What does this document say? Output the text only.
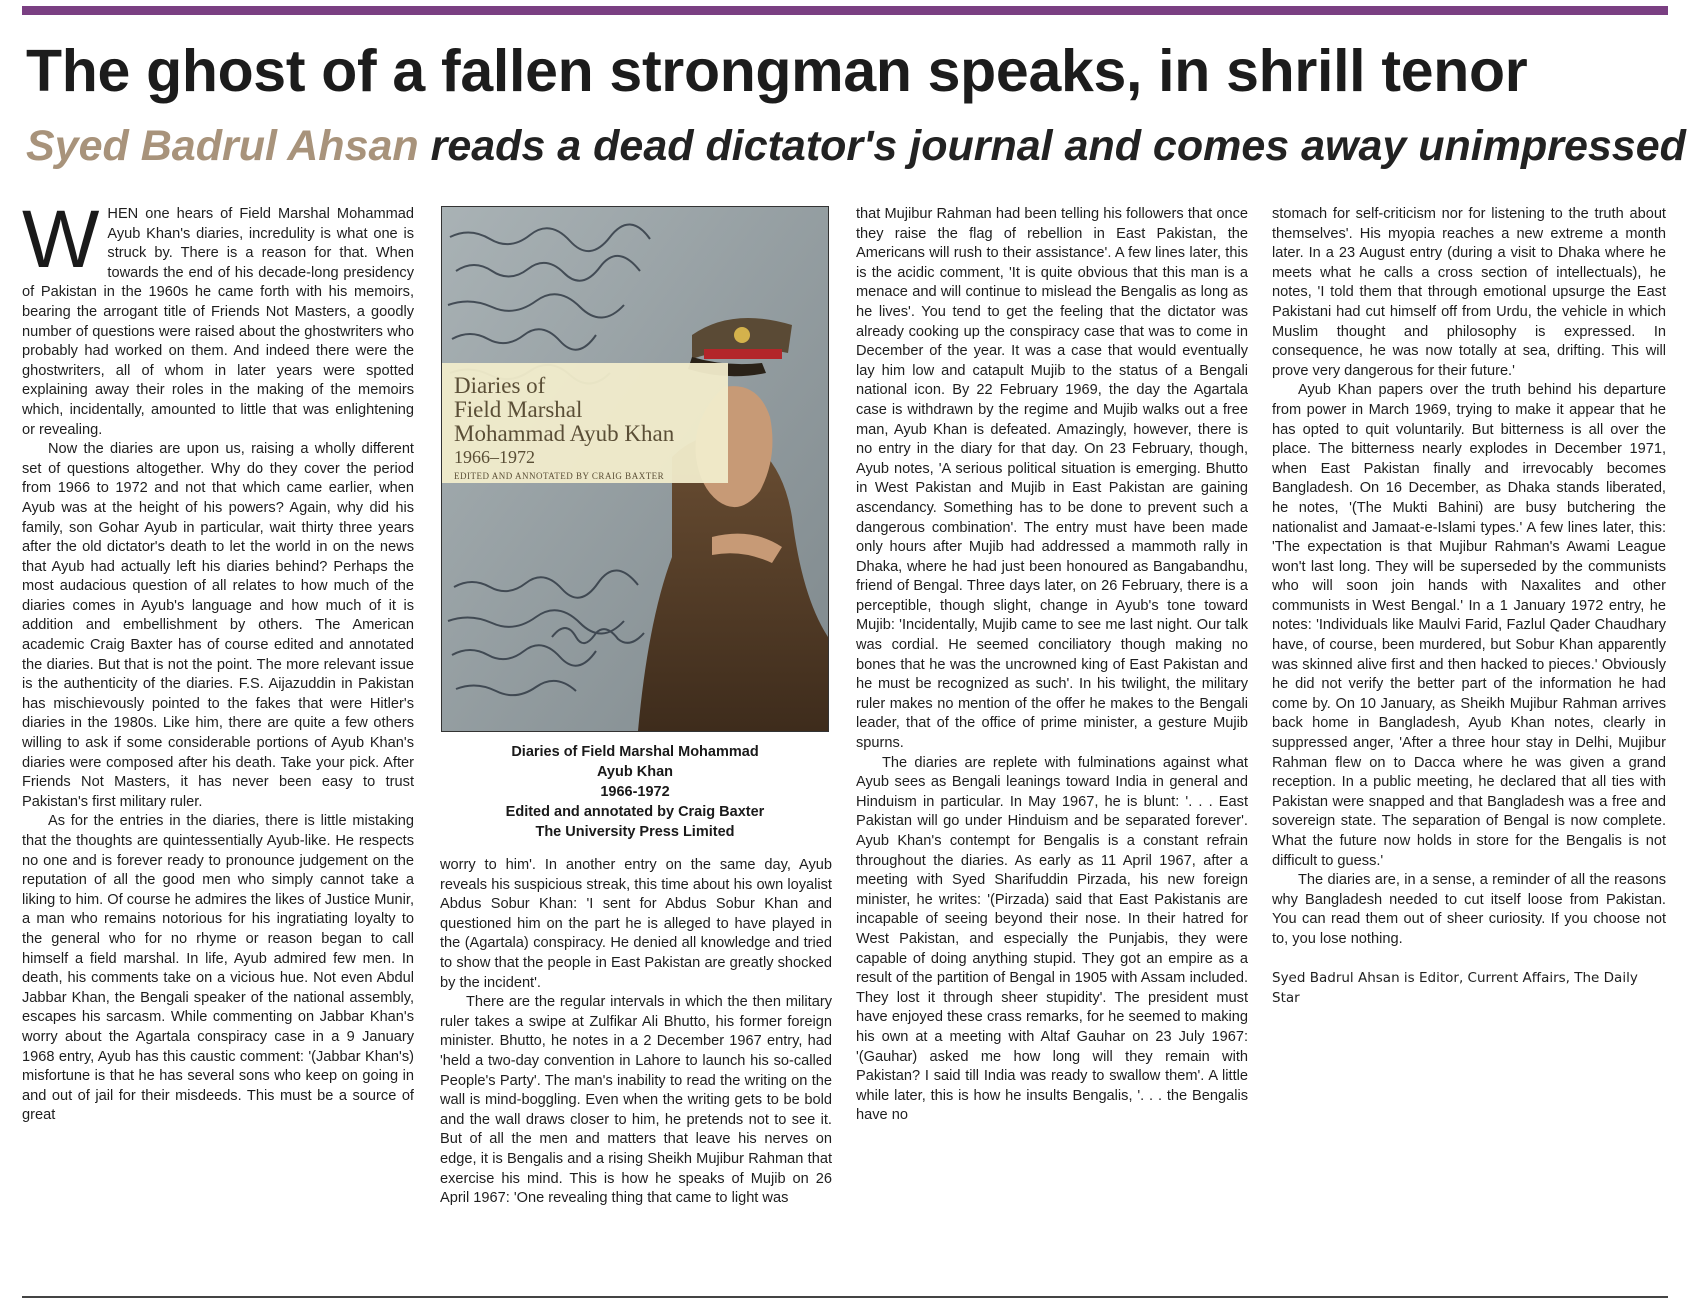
The ghost of a fallen strongman speaks, in shrill tenor
Syed Badrul Ahsan reads a dead dictator's journal and comes away unimpressed

WHEN one hears of Field Marshal Mohammad Ayub Khan's diaries, incredulity is what one is struck by. There is a reason for that. When towards the end of his decade-long presidency of Pakistan in the 1960s he came forth with his memoirs, bearing the arrogant title of Friends Not Masters, a goodly number of questions were raised about the ghostwriters who probably had worked on them. And indeed there were the ghostwriters, all of whom in later years were spotted explaining away their roles in the making of the memoirs which, incidentally, amounted to little that was enlightening or revealing.

Now the diaries are upon us, raising a wholly different set of questions altogether. Why do they cover the period from 1966 to 1972 and not that which came earlier, when Ayub was at the height of his powers? Again, why did his family, son Gohar Ayub in particular, wait thirty three years after the old dictator's death to let the world in on the news that Ayub had actually left his diaries behind? Perhaps the most audacious question of all relates to how much of the diaries comes in Ayub's language and how much of it is addition and embellishment by others. The American academic Craig Baxter has of course edited and annotated the diaries. But that is not the point. The more relevant issue is the authenticity of the diaries. F.S. Aijazuddin in Pakistan has mischievously pointed to the fakes that were Hitler's diaries in the 1980s. Like him, there are quite a few others willing to ask if some considerable portions of Ayub Khan's diaries were composed after his death. Take your pick. After Friends Not Masters, it has never been easy to trust Pakistan's first military ruler.

As for the entries in the diaries, there is little mistaking that the thoughts are quintessentially Ayub-like. He respects no one and is forever ready to pronounce judgement on the reputation of all the good men who simply cannot take a liking to him. Of course he admires the likes of Justice Munir, a man who remains notorious for his ingratiating loyalty to the general who for no rhyme or reason began to call himself a field marshal. In life, Ayub admired few men. In death, his comments take on a vicious hue. Not even Abdul Jabbar Khan, the Bengali speaker of the national assembly, escapes his sarcasm. While commenting on Jabbar Khan's worry about the Agartala conspiracy case in a 9 January 1968 entry, Ayub has this caustic comment: '(Jabbar Khan's) misfortune is that he has several sons who keep on going in and out of jail for their misdeeds. This must be a source of great

Diaries of
Field Marshal
Mohammad Ayub Khan
1966–1972
EDITED AND ANNOTATED BY CRAIG BAXTER
Diaries of Field Marshal Mohammad
Ayub Khan
1966-1972
Edited and annotated by Craig Baxter
The University Press Limited

worry to him'. In another entry on the same day, Ayub reveals his suspicious streak, this time about his own loyalist Abdus Sobur Khan: 'I sent for Abdus Sobur Khan and questioned him on the part he is alleged to have played in the (Agartala) conspiracy. He denied all knowledge and tried to show that the people in East Pakistan are greatly shocked by the incident'.

There are the regular intervals in which the then military ruler takes a swipe at Zulfikar Ali Bhutto, his former foreign minister. Bhutto, he notes in a 2 December 1967 entry, had 'held a two-day convention in Lahore to launch his so-called People's Party'. The man's inability to read the writing on the wall is mind-boggling. Even when the writing gets to be bold and the wall draws closer to him, he pretends not to see it. But of all the men and matters that leave his nerves on edge, it is Bengalis and a rising Sheikh Mujibur Rahman that exercise his mind. This is how he speaks of Mujib on 26 April 1967: 'One revealing thing that came to light was

that Mujibur Rahman had been telling his followers that once they raise the flag of rebellion in East Pakistan, the Americans will rush to their assistance'. A few lines later, this is the acidic comment, 'It is quite obvious that this man is a menace and will continue to mislead the Bengalis as long as he lives'. You tend to get the feeling that the dictator was already cooking up the conspiracy case that was to come in December of the year. It was a case that would eventually lay him low and catapult Mujib to the status of a Bengali national icon. By 22 February 1969, the day the Agartala case is withdrawn by the regime and Mujib walks out a free man, Ayub Khan is defeated. Amazingly, however, there is no entry in the diary for that day. On 23 February, though, Ayub notes, 'A serious political situation is emerging. Bhutto in West Pakistan and Mujib in East Pakistan are gaining ascendancy. Something has to be done to prevent such a dangerous combination'. The entry must have been made only hours after Mujib had addressed a mammoth rally in Dhaka, where he had just been honoured as Bangabandhu, friend of Bengal. Three days later, on 26 February, there is a perceptible, though slight, change in Ayub's tone toward Mujib: 'Incidentally, Mujib came to see me last night. Our talk was cordial. He seemed conciliatory though making no bones that he was the uncrowned king of East Pakistan and he must be recognized as such'. In his twilight, the military ruler makes no mention of the offer he makes to the Bengali leader, that of the office of prime minister, a gesture Mujib spurns.

The diaries are replete with fulminations against what Ayub sees as Bengali leanings toward India in general and Hinduism in particular. In May 1967, he is blunt: '. . . East Pakistan will go under Hinduism and be separated forever'. Ayub Khan's contempt for Bengalis is a constant refrain throughout the diaries. As early as 11 April 1967, after a meeting with Syed Sharifuddin Pirzada, his new foreign minister, he writes: '(Pirzada) said that East Pakistanis are incapable of seeing beyond their nose. In their hatred for West Pakistan, and especially the Punjabis, they were capable of doing anything stupid. They got an empire as a result of the partition of Bengal in 1905 with Assam included. They lost it through sheer stupidity'. The president must have enjoyed these crass remarks, for he seemed to making his own at a meeting with Altaf Gauhar on 23 July 1967: '(Gauhar) asked me how long will they remain with Pakistan? I said till India was ready to swallow them'. A little while later, this is how he insults Bengalis, '. . . the Bengalis have no

stomach for self-criticism nor for listening to the truth about themselves'. His myopia reaches a new extreme a month later. In a 23 August entry (during a visit to Dhaka where he meets what he calls a cross section of intellectuals), he notes, 'I told them that through emotional upsurge the East Pakistani had cut himself off from Urdu, the vehicle in which Muslim thought and philosophy is expressed. In consequence, he was now totally at sea, drifting. This will prove very dangerous for their future.'

Ayub Khan papers over the truth behind his departure from power in March 1969, trying to make it appear that he has opted to quit voluntarily. But bitterness is all over the place. The bitterness nearly explodes in December 1971, when East Pakistan finally and irrevocably becomes Bangladesh. On 16 December, as Dhaka stands liberated, he notes, '(The Mukti Bahini) are busy butchering the nationalist and Jamaat-e-Islami types.' A few lines later, this: 'The expectation is that Mujibur Rahman's Awami League won't last long. They will be superseded by the communists who will soon join hands with Naxalites and other communists in West Bengal.' In a 1 January 1972 entry, he notes: 'Individuals like Maulvi Farid, Fazlul Qader Chaudhary have, of course, been murdered, but Sobur Khan apparently was skinned alive first and then hacked to pieces.' Obviously he did not verify the better part of the information he had come by. On 10 January, as Sheikh Mujibur Rahman arrives back home in Bangladesh, Ayub Khan notes, clearly in suppressed anger, 'After a three hour stay in Delhi, Mujibur Rahman flew on to Dacca where he was given a grand reception. In a public meeting, he declared that all ties with Pakistan were snapped and that Bangladesh was a free and sovereign state. The separation of Bengal is now complete. What the future now holds in store for the Bengalis is not difficult to guess.'

The diaries are, in a sense, a reminder of all the reasons why Bangladesh needed to cut itself loose from Pakistan. You can read them out of sheer curiosity. If you choose not to, you lose nothing.

Syed Badrul Ahsan is Editor, Current Affairs, The Daily Star
